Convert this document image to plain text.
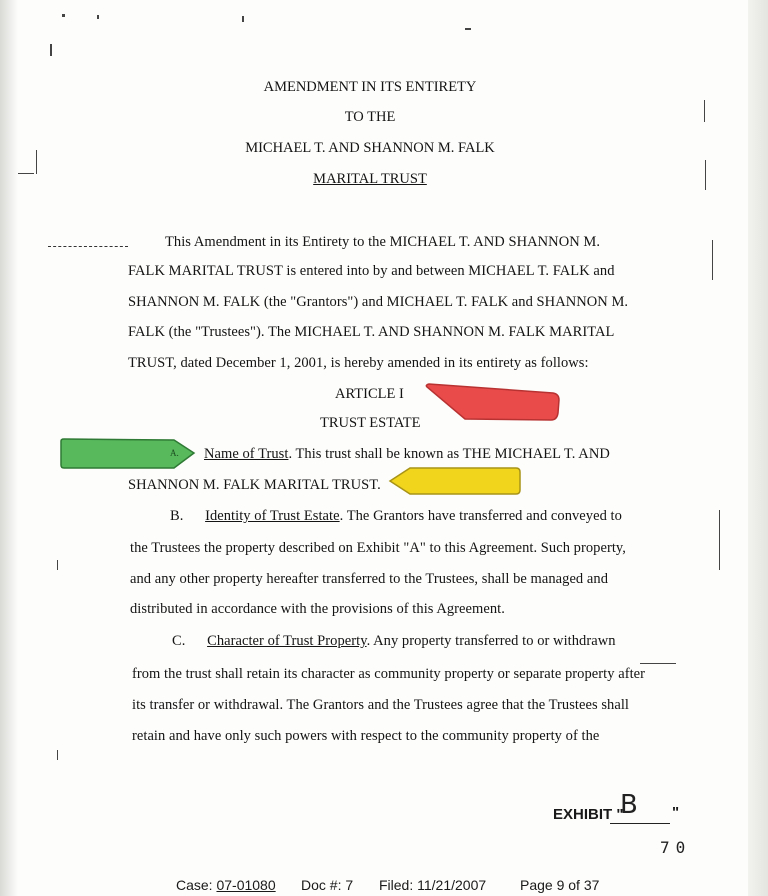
AMENDMENT IN ITS ENTIRETY
TO THE
MICHAEL T. AND SHANNON M. FALK
MARITAL TRUST
This Amendment in its Entirety to the MICHAEL T. AND SHANNON M.
FALK MARITAL TRUST is entered into by and between MICHAEL T. FALK and
SHANNON M. FALK (the "Grantors") and MICHAEL T. FALK and SHANNON M.
FALK (the "Trustees"). The MICHAEL T. AND SHANNON M. FALK MARITAL
TRUST, dated December 1, 2001, is hereby amended in its entirety as follows:
ARTICLE I
TRUST ESTATE
A. Name of Trust. This trust shall be known as THE MICHAEL T. AND
SHANNON M. FALK MARITAL TRUST.
B. Identity of Trust Estate. The Grantors have transferred and conveyed to
the Trustees the property described on Exhibit "A" to this Agreement. Such property,
and any other property hereafter transferred to the Trustees, shall be managed and
distributed in accordance with the provisions of this Agreement.
C. Character of Trust Property. Any property transferred to or withdrawn
from the trust shall retain its character as community property or separate property after
its transfer or withdrawal. The Grantors and the Trustees agree that the Trustees shall
retain and have only such powers with respect to the community property of the
EXHIBIT "
B "
70
Case: 07-01080 Doc #: 7 Filed: 11/21/2007 Page 9 of 37
